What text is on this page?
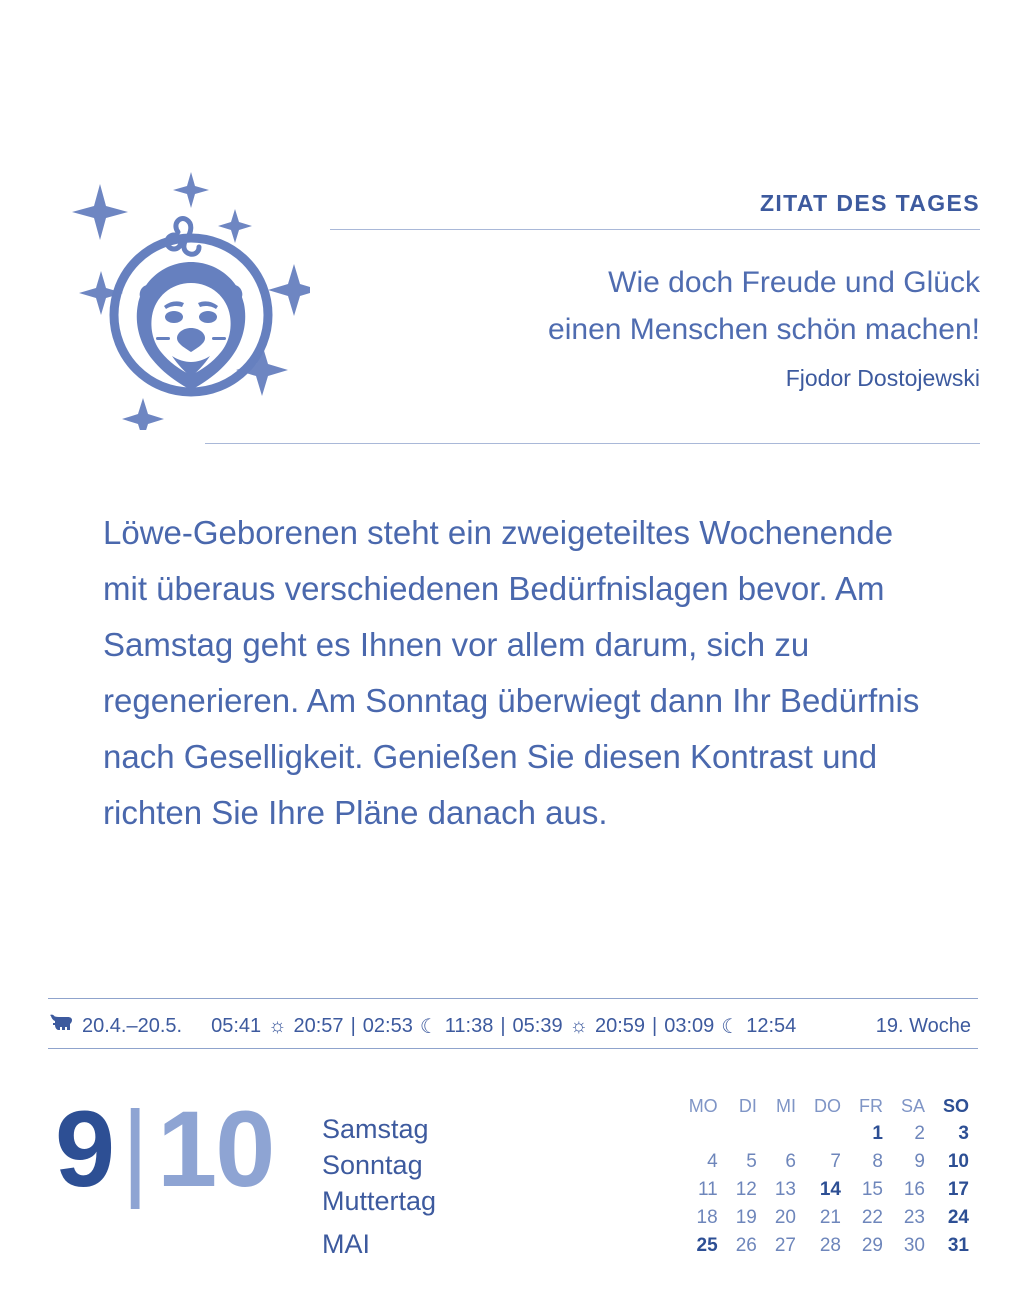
ZITAT DES TAGES
Wie doch Freude und Glück
einen Menschen schön machen!
Fjodor Dostojewski
Löwe-Geborenen steht ein zweigeteiltes Wochenende mit überaus verschiedenen Bedürfnislagen bevor. Am Samstag geht es Ihnen vor allem darum, sich zu regenerieren. Am Sonntag überwiegt dann Ihr Bedürfnis nach Geselligkeit. Genießen Sie diesen Kontrast und richten Sie Ihre Pläne danach aus.
20.4.–20.5. 05:41 ☼ 20:57 | 02:53 ☾ 11:38 | 05:39 ☼ 20:59 | 03:09 ☾ 12:54	19. Woche
9 | 10 Samstag
Sonntag
Muttertag
MAI
MO	DI	MI	DO	FR	SA	SO
				1	2	3
4	5	6	7	8	9	10
11	12	13	14	15	16	17
18	19	20	21	22	23	24
25	26	27	28	29	30	31
